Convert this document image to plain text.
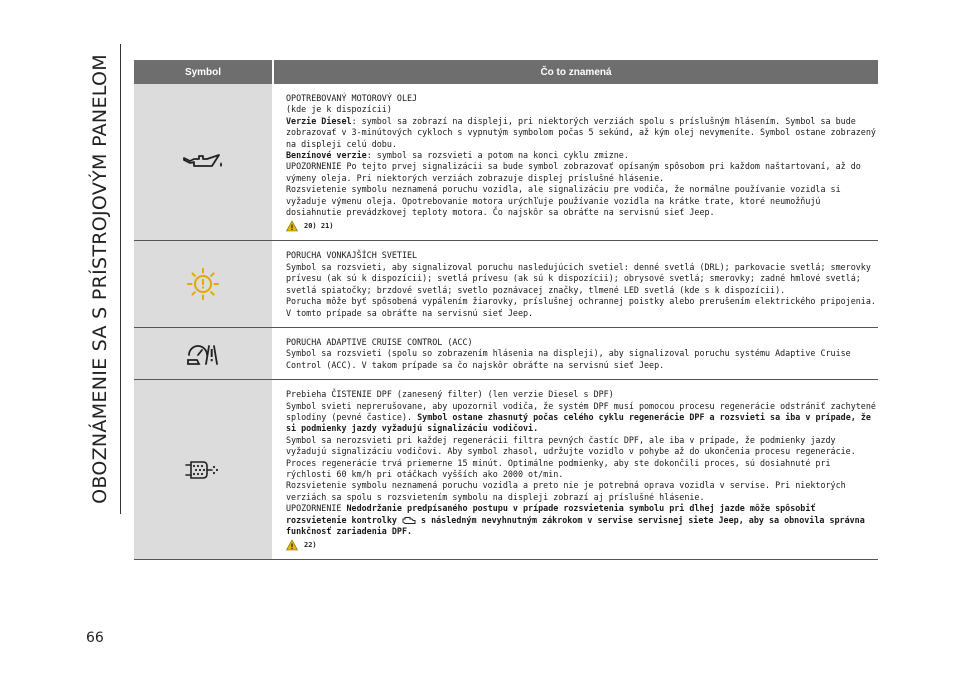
OBOZNÁMENIE SA S PRÍSTROJOVÝM PANELOM	Symbol	Čo to znamená

OPOTREBOVANÝ MOTOROVÝ OLEJ

(kde je k dispozícii)

Verzie Diesel: symbol sa zobrazí na displeji, pri niektorých verziách spolu s príslušným hlásením. Symbol sa bude zobrazovať v 3-minútových cykloch s vypnutým symbolom počas 5 sekúnd, až kým olej nevymeníte. Symbol ostane zobrazený na displeji celú dobu.

Benzínové verzie: symbol sa rozsvieti a potom na konci cyklu zmizne.

UPOZORNENIE Po tejto prvej signalizácii sa bude symbol zobrazovať opísaným spôsobom pri každom naštartovaní, až do výmeny oleja. Pri niektorých verziách zobrazuje displej príslušné hlásenie.

Rozsvietenie symbolu neznamená poruchu vozidla, ale signalizáciu pre vodiča, že normálne používanie vozidla si vyžaduje výmenu oleja. Opotrebovanie motora urýchľuje používanie vozidla na krátke trate, ktoré neumožňujú dosiahnutie prevádzkovej teploty motora. Čo najskôr sa obráťte na servisnú sieť Jeep.

20) 21)

PORUCHA VONKAJŠÍCH SVETIEL

Symbol sa rozsvieti, aby signalizoval poruchu nasledujúcich svetiel: denné svetlá (DRL); parkovacie svetlá; smerovky prívesu (ak sú k dispozícii); svetlá prívesu (ak sú k dispozícii); obrysové svetlá; smerovky; zadné hmlové svetlá; svetlá spiatočky; brzdové svetlá; svetlo poznávacej značky, tlmené LED svetlá (kde s k dispozícii).

Porucha môže byť spôsobená vypálením žiarovky, príslušnej ochrannej poistky alebo prerušením elektrického pripojenia. V tomto prípade sa obráťte na servisnú sieť Jeep.

PORUCHA ADAPTIVE CRUISE CONTROL (ACC)

Symbol sa rozsvieti (spolu so zobrazením hlásenia na displeji), aby signalizoval poruchu systému Adaptive Cruise Control (ACC). V takom prípade sa čo najskôr obráťte na servisnú sieť Jeep.

Prebieha ČISTENIE DPF (zanesený filter) (len verzie Diesel s DPF)

Symbol svieti neprerušovane, aby upozornil vodiča, že systém DPF musí pomocou procesu regenerácie odstrániť zachytené splodiny (pevné častice). Symbol ostane zhasnutý počas celého cyklu regenerácie DPF a rozsvieti sa iba v prípade, že si podmienky jazdy vyžadujú signalizáciu vodičovi.

Symbol sa nerozsvieti pri každej regenerácii filtra pevných častíc DPF, ale iba v prípade, že podmienky jazdy vyžadujú signalizáciu vodičovi. Aby symbol zhasol, udržujte vozidlo v pohybe až do ukončenia procesu regenerácie. Proces regenerácie trvá priemerne 15 minút. Optimálne podmienky, aby ste dokončili proces, sú dosiahnuté pri rýchlosti 60 km/h pri otáčkach vyšších ako 2000 ot/min.

Rozsvietenie symbolu neznamená poruchu vozidla a preto nie je potrebná oprava vozidla v servise. Pri niektorých verziách sa spolu s rozsvietením symbolu na displeji zobrazí aj príslušné hlásenie.

UPOZORNENIE Nedodržanie predpísaného postupu v prípade rozsvietenia symbolu pri dlhej jazde môže spôsobiť rozsvietenie kontrolky	s následným nevyhnutným zákrokom v servise servisnej siete Jeep, aby sa obnovila správna funkčnosť zariadenia DPF.

22)
66
